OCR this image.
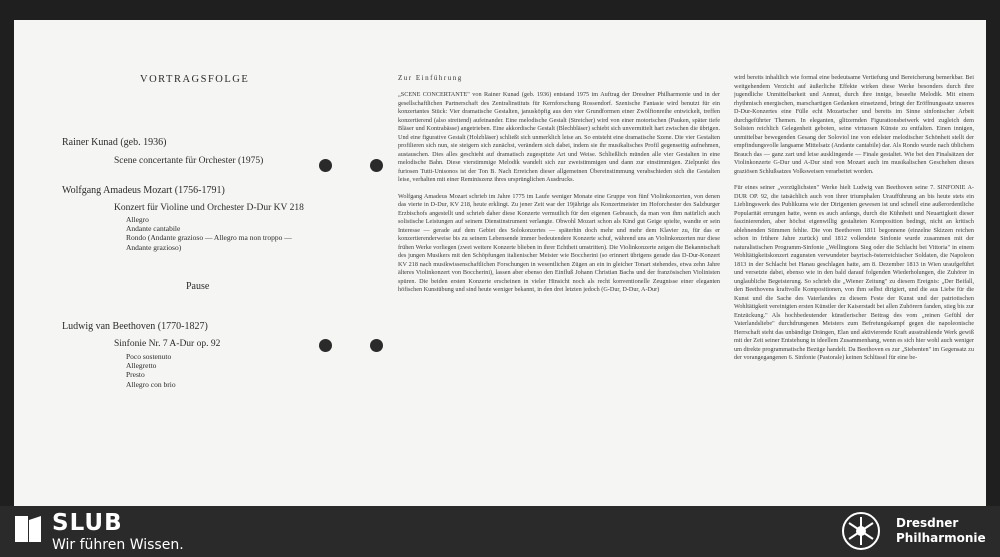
VORTRAGSFOLGE
Rainer Kunad (geb. 1936)
Scene concertante für Orchester (1975)
Wolfgang Amadeus Mozart (1756-1791)
Konzert für Violine und Orchester D-Dur KV 218
Allegro
Andante cantabile
Rondo (Andante grazioso — Allegro ma non troppo —
Andante grazioso)
Pause
Ludwig van Beethoven (1770-1827)
Sinfonie Nr. 7 A-Dur op. 92
Poco sostenuto
Allegretto
Presto
Allegro con brio
Zur Einführung

„SCENE CONCERTANTE" von Rainer Kunad (geb. 1936) entstand 1975 im Auftrag der Dresdner Philharmonie und in der gesellschaftlichen Partnerschaft des Zentralinstituts für Kernforschung Rossendorf. Szenische Fantasie wird benutzt für ein konzertantes Stück: Vier dramatische Gestalten, janusköpfig aus den vier Grundformen einer Zwölftonreihe entwickelt, treffen konzertierend (also streitend) aufeinander. Eine melodische Gestalt (Streicher) wird von einer motorischen (Pauken, später tiefe Bläser und Kontrabässe) angetrieben. Eine akkordische Gestalt (Blechbläser) schiebt sich unvermittelt hart zwischen die übrigen. Und eine figurative Gestalt (Holzbläser) schließt sich unmerklich leise an. So entsteht eine dramatische Szene. Die vier Gestalten profilieren sich nun, sie steigern sich zunächst, verändern sich dabei, indem sie ihr musikalisches Profil gegenseitig aufnehmen, austauschen. Dies alles geschieht auf dramatisch zugespitzte Art und Weise. Schließlich münden alle vier Gestalten in eine melodische Bahn. Diese vierstimmige Melodik wandelt sich zur zweistimmigen und dann zur einstimmigen. Zielpunkt des furiosen Tutti-Unisonos ist der Ton B. Nach Erreichen dieser allgemeinen Übereinstimmung verabschieden sich die Gestalten leise, verhalten mit einer Reminiszenz ihres ursprünglichen Ausdrucks.

Wolfgang Amadeus Mozart schrieb im Jahre 1775 im Laufe weniger Monate eine Gruppe von fünf Violinkonzerten, von denen das vierte in D-Dur, KV 218, heute erklingt. Zu jener Zeit war der 19jährige als Konzertmeister im Hoforchester des Salzburger Erzbischofs angestellt und schrieb daher diese Konzerte vermutlich für den eigenen Gebrauch, da man von ihm natürlich auch solistische Leistungen auf seinem Dienstinstrument verlangte. Obwohl Mozart schon als Kind gut Geige spielte, wandte er sein Interesse — gerade auf dem Gebiet des Solokonzertes — späterhin doch mehr und mehr dem Klavier zu, für das er konzertierenderweise bis zu seinem Lebensende immer bedeutendere Konzerte schuf, während uns an Violinkonzerten nur diese frühen Werke vorliegen (zwei weitere Konzerte blieben in ihrer Echtheit umstritten). Die Violinkonzerte zeigen die Bekanntschaft des jungen Musikers mit den Schöpfungen italienischer Meister wie Boccherini (so erinnert übrigens gerade das D-Dur-Konzert KV 218 nach musikwissenschaftlichen Forschungen in wesentlichen Zügen an ein in gleicher Tonart stehendes, etwa zehn Jahre älteres Violinkonzert von Boccherini), lassen aber ebenso den Einfluß Johann Christian Bachs und der französischen Violinisten spüren. Die beiden ersten Konzerte erscheinen in vieler Hinsicht noch als recht konventionelle Zeugnisse einer eleganten höfischen Kunstübung und sind heute weniger bekannt, in den drei letzten jedoch (G-Dur, D-Dur, A-Dur)

wird bereits inhaltlich wie formal eine bedeutsame Vertiefung und Bereicherung bemerkbar. Bei weitgehendem Verzicht auf äußerliche Effekte wirken diese Werke besonders durch ihre jugendliche Unmittelbarkeit und Anmut, durch ihre innige, beseelte Melodik. Mit einem rhythmisch energischen, marschartigen Gedanken einsetzend, bringt der Eröffnungssatz unseres D-Dur-Konzertes eine Fülle echt Mozartscher und bereits im Sinne sinfonischer Arbeit durchgeführter Themen. In eleganten, glitzernden Figurationsbeiwerk wird zugleich dem Solisten reichlich Gelegenheit geboten, seine virtuosen Künste zu entfalten. Einen innigen, unmittelbar bewegenden Gesang der Soloviol ine von edelster melodischer Schönheit stellt der empfindungsvolle langsame Mittelsatz (Andante cantabile) dar. Als Rondo wurde nach üblichem Brauch das — ganz zart und leise ausklingende — Finale gestaltet. Wie bei den Finalsätzen der Violinkonzerte G-Dur und A-Dur sind von Mozart auch im musikalischen Geschehen dieses graziösen Schlußsatzes Volksweisen verarbeitet worden.

Für eines seiner „vorzüglichsten" Werke hielt Ludwig van Beethoven seine 7. SINFONIE A-DUR OP. 92, die tatsächlich auch von ihrer triumphalen Uraufführung an bis heute stets ein Lieblingswerk des Publikums wie der Dirigenten gewesen ist und schnell eine außerordentliche Popularität errungen hatte, wenn es auch anfangs, durch die Kühnheit und Neuartigkeit dieser faszinierenden, aber höchst eigenwillig gestalteten Komposition bedingt, nicht an kritisch ablehnenden Stimmen fehlte. Die von Beethoven 1811 begonnene (einzelne Skizzen reichen schon in frühere Jahre zurück) und 1812 vollendete Sinfonie wurde zusammen mit der naturalistischen Programm-Sinfonie „Wellingtons Sieg oder die Schlacht bei Vittoria" in einem Wohltätigkeitskonzert zugunsten verwundeter bayrisch-österreichischer Soldaten, die Napoleon 1813 in der Schlacht bei Hanau geschlagen hatte, am 8. Dezember 1813 in Wien uraufgeführt und versetzte dabei, ebenso wie in den bald darauf folgenden Wiederholungen, die Zuhörer in unglaubliche Begeisterung. So schrieb die „Wiener Zeitung" zu diesem Ereignis: „Der Beifall, den Beethovens kraftvolle Kompositionen, von ihm selbst dirigiert, und die aus Liebe für die Kunst und die Sache des Vaterlandes zu diesem Feste der Kunst und der patriotischen Wohltätigkeit vereinigten ersten Künstler der Kaiserstadt bei allen Zuhörern fanden, stieg bis zur Entzückung." Als hochbedeutender künstlerischer Beitrag des vom „reinen Gefühl der Vaterlandsliebe" durchdrungenen Meisters zum Befreiungskampf gegen die napoleonische Herrschaft steht das unbändige Drängen, Elan und aktivierende Kraft ausstrahlende Werk gewiß mit der Zeit seiner Entstehung in ideellem Zusammenhang, wenn es sich hier wohl auch weniger um direkte programmatische Bezüge handelt. Da Beethoven es zur „Siebenten" im Gegensatz zu der vorangegangenen 6. Sinfonie (Pastorale) keinen Schlüssel für eine be-

SLUB
Wir führen Wissen.
Dresdner
Philharmonie
